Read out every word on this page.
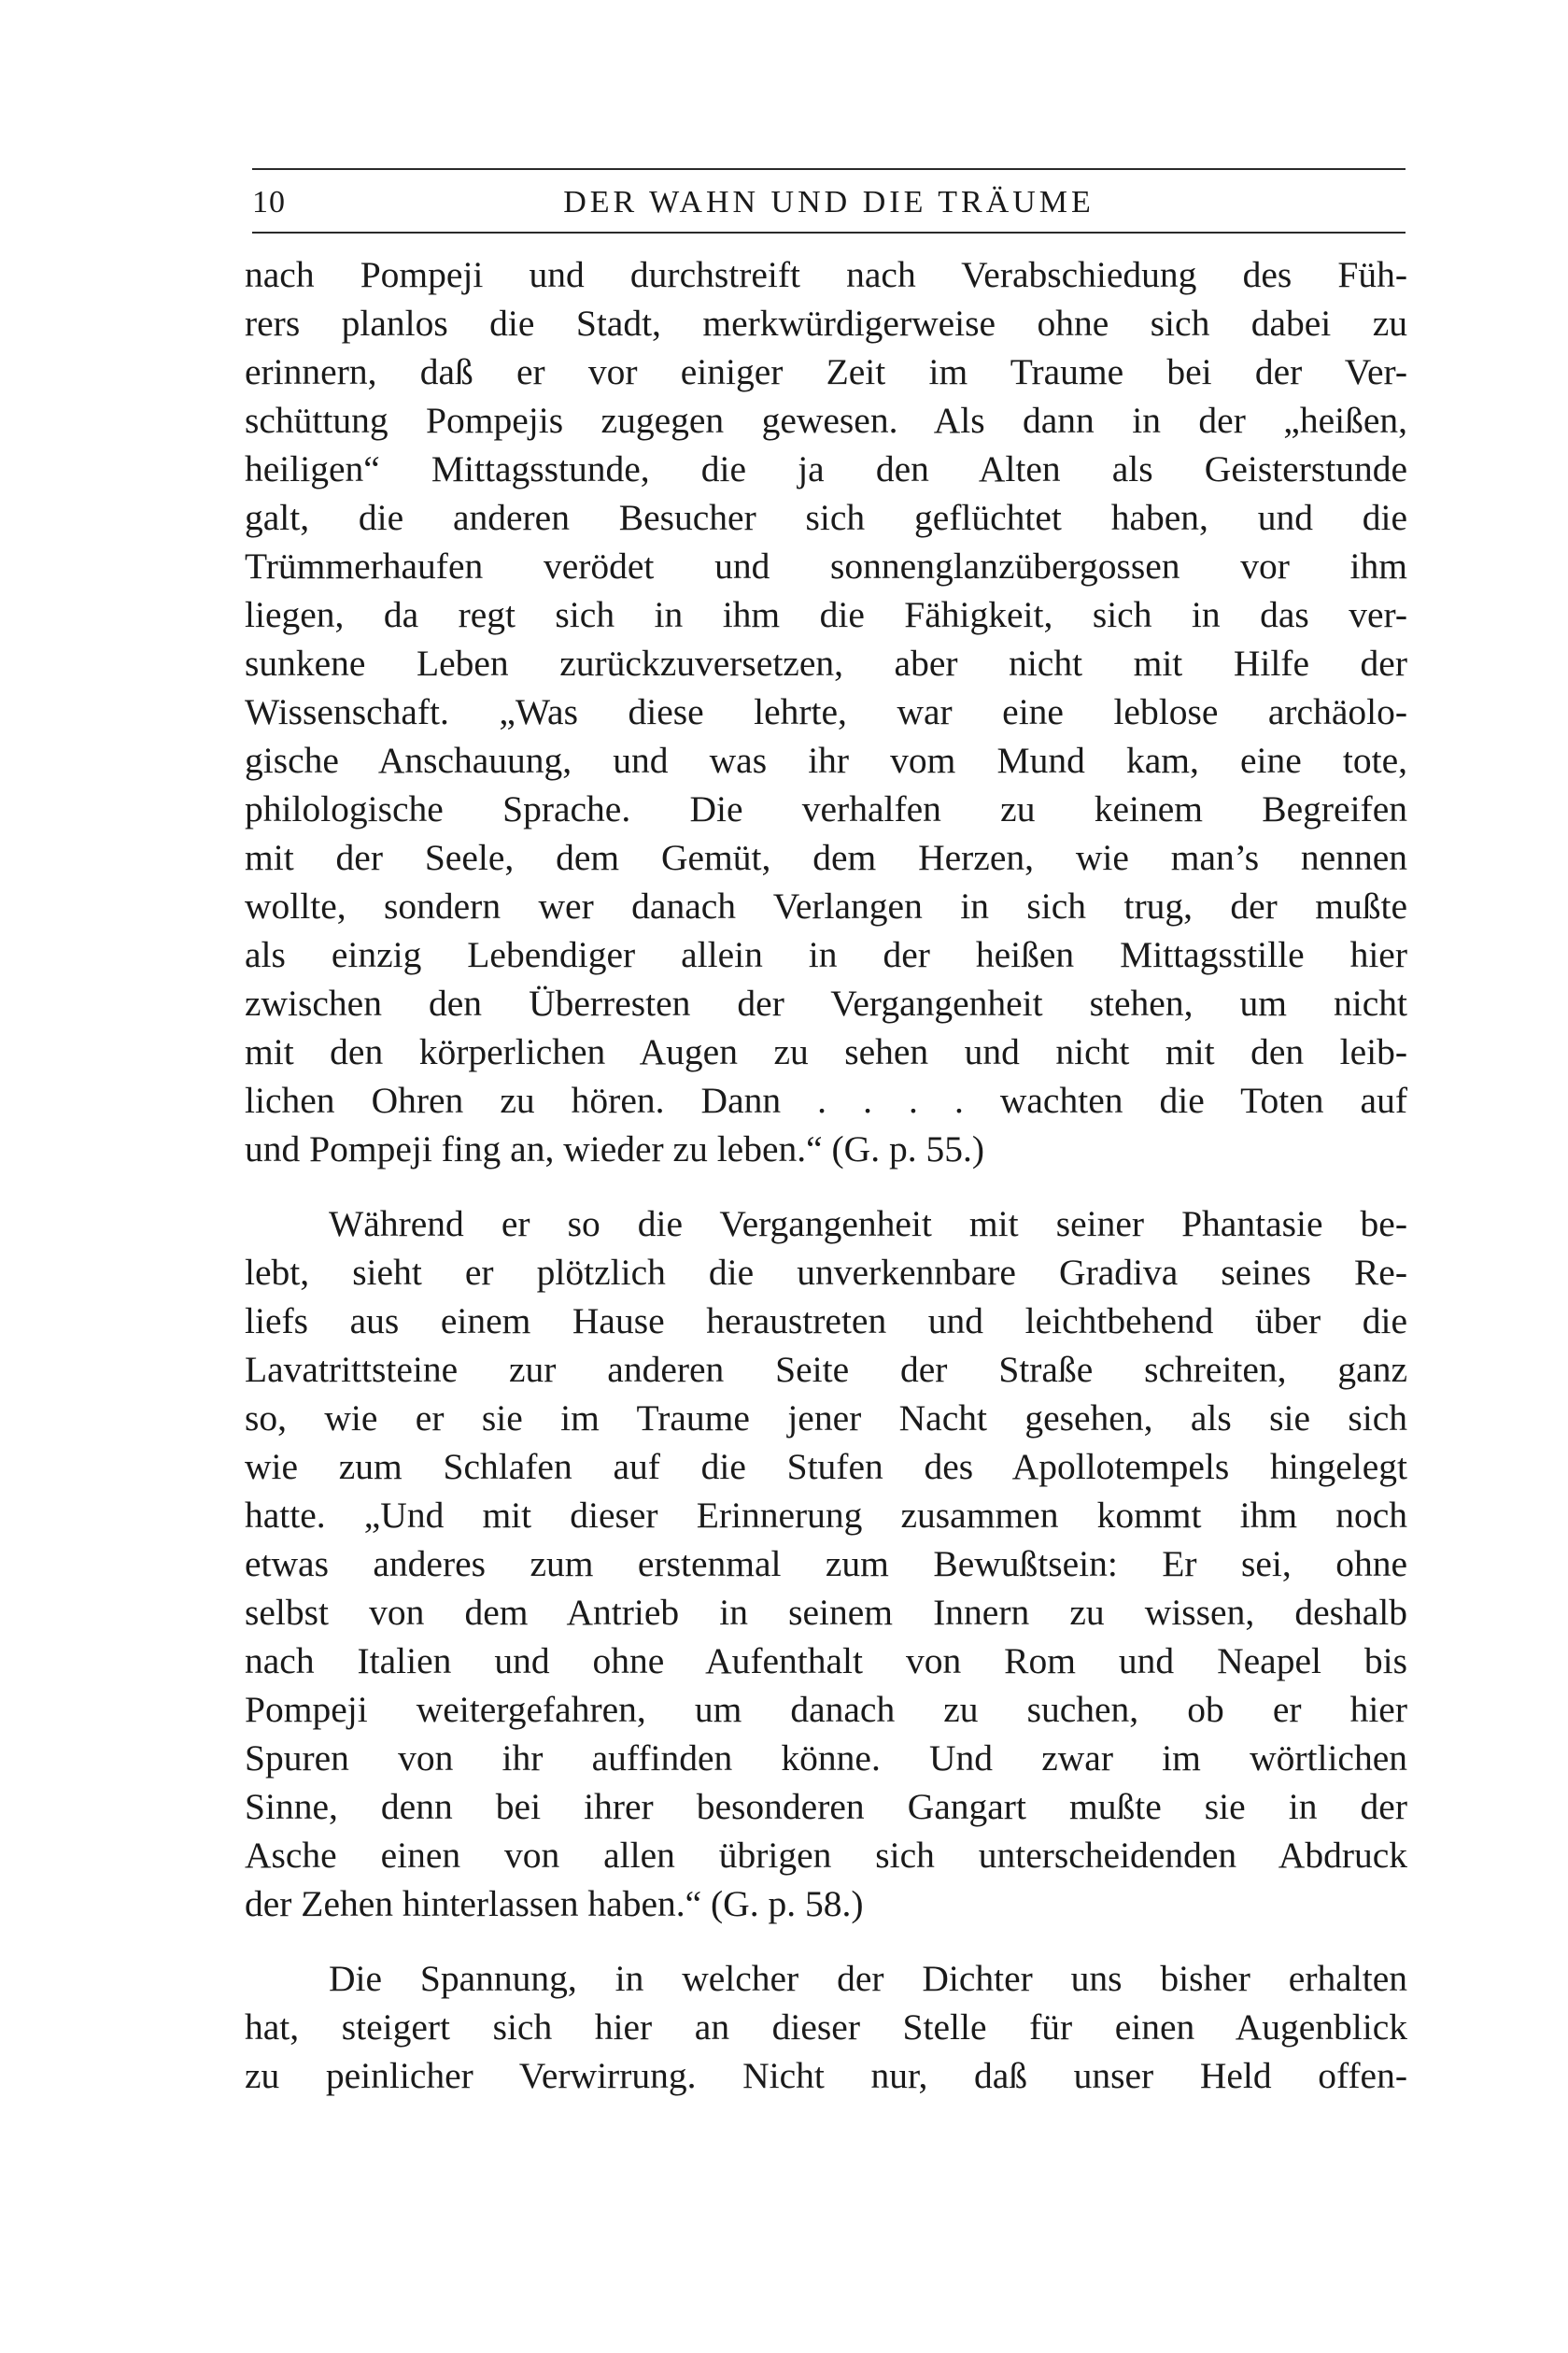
10	DER WAHN UND DIE TRÄUME
nach Pompeji und durchstreift nach Verabschiedung des Füh-
rers planlos die Stadt, merkwürdigerweise ohne sich dabei zu
erinnern, daß er vor einiger Zeit im Traume bei der Ver-
schüttung Pompejis zugegen gewesen. Als dann in der „heißen,
heiligen“ Mittagsstunde, die ja den Alten als Geisterstunde
galt, die anderen Besucher sich geflüchtet haben, und die
Trümmerhaufen verödet und sonnenglanzübergossen vor ihm
liegen, da regt sich in ihm die Fähigkeit, sich in das ver-
sunkene Leben zurückzuversetzen, aber nicht mit Hilfe der
Wissenschaft. „Was diese lehrte, war eine leblose archäolo-
gische Anschauung, und was ihr vom Mund kam, eine tote,
philologische Sprache. Die verhalfen zu keinem Begreifen
mit der Seele, dem Gemüt, dem Herzen, wie man’s nennen
wollte, sondern wer danach Verlangen in sich trug, der mußte
als einzig Lebendiger allein in der heißen Mittagsstille hier
zwischen den Überresten der Vergangenheit stehen, um nicht
mit den körperlichen Augen zu sehen und nicht mit den leib-
lichen Ohren zu hören. Dann . . . . wachten die Toten auf
und Pompeji fing an, wieder zu leben.“ (G. p. 55.)
Während er so die Vergangenheit mit seiner Phantasie be-
lebt, sieht er plötzlich die unverkennbare Gradiva seines Re-
liefs aus einem Hause heraustreten und leichtbehend über die
Lavatrittsteine zur anderen Seite der Straße schreiten, ganz
so, wie er sie im Traume jener Nacht gesehen, als sie sich
wie zum Schlafen auf die Stufen des Apollotempels hingelegt
hatte. „Und mit dieser Erinnerung zusammen kommt ihm noch
etwas anderes zum erstenmal zum Bewußtsein: Er sei, ohne
selbst von dem Antrieb in seinem Innern zu wissen, deshalb
nach Italien und ohne Aufenthalt von Rom und Neapel bis
Pompeji weitergefahren, um danach zu suchen, ob er hier
Spuren von ihr auffinden könne. Und zwar im wörtlichen
Sinne, denn bei ihrer besonderen Gangart mußte sie in der
Asche einen von allen übrigen sich unterscheidenden Abdruck
der Zehen hinterlassen haben.“ (G. p. 58.)
Die Spannung, in welcher der Dichter uns bisher erhalten
hat, steigert sich hier an dieser Stelle für einen Augenblick
zu peinlicher Verwirrung. Nicht nur, daß unser Held offen-
